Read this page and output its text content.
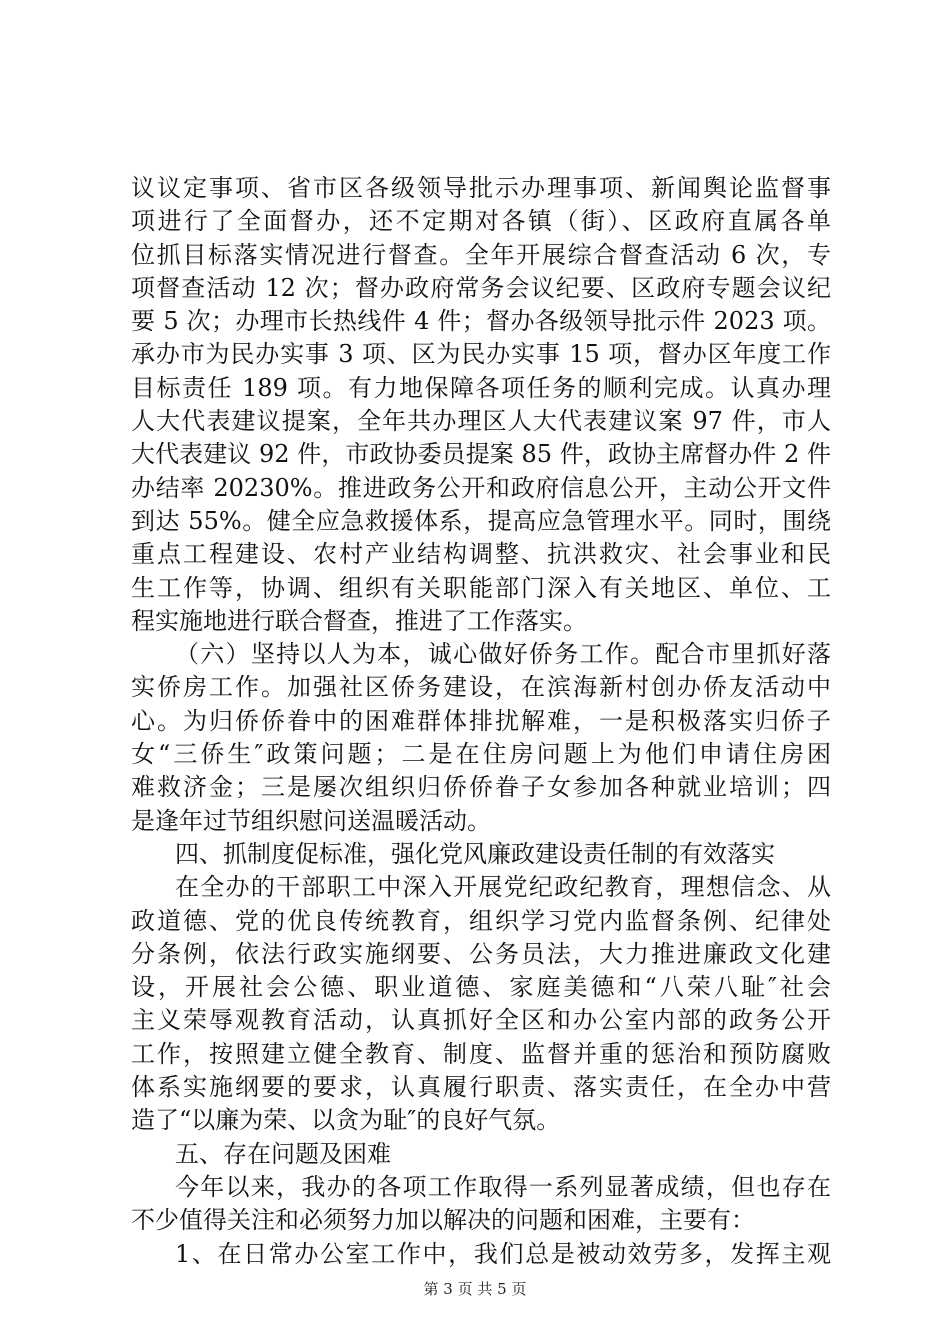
议议定事项、省市区各级领导批示办理事项、新闻舆论监督事
项进行了全面督办，还不定期对各镇（街）、区政府直属各单
位抓目标落实情况进行督查。全年开展综合督查活动 6 次，专
项督查活动 12 次；督办政府常务会议纪要、区政府专题会议纪
要 5 次；办理市长热线件 4 件；督办各级领导批示件 2023 项。
承办市为民办实事 3 项、区为民办实事 15 项，督办区年度工作
目标责任 189 项。有力地保障各项任务的顺利完成。认真办理
人大代表建议提案，全年共办理区人大代表建议案 97 件，市人
大代表建议 92 件，市政协委员提案 85 件，政协主席督办件 2 件
办结率 20230%。推进政务公开和政府信息公开，主动公开文件
到达 55%。健全应急救援体系，提高应急管理水平。同时，围绕
重点工程建设、农村产业结构调整、抗洪救灾、社会事业和民
生工作等，协调、组织有关职能部门深入有关地区、单位、工
程实施地进行联合督查，推进了工作落实。
（六）坚持以人为本，诚心做好侨务工作。配合市里抓好落
实侨房工作。加强社区侨务建设，在滨海新村创办侨友活动中
心。为归侨侨眷中的困难群体排扰解难，一是积极落实归侨子
女“三侨生″政策问题；二是在住房问题上为他们申请住房困
难救济金；三是屡次组织归侨侨眷子女参加各种就业培训；四
是逢年过节组织慰问送温暖活动。
四、抓制度促标准，强化党风廉政建设责任制的有效落实
在全办的干部职工中深入开展党纪政纪教育，理想信念、从
政道德、党的优良传统教育，组织学习党内监督条例、纪律处
分条例，依法行政实施纲要、公务员法，大力推进廉政文化建
设，开展社会公德、职业道德、家庭美德和“八荣八耻″社会
主义荣辱观教育活动，认真抓好全区和办公室内部的政务公开
工作，按照建立健全教育、制度、监督并重的惩治和预防腐败
体系实施纲要的要求，认真履行职责、落实责任，在全办中营
造了“以廉为荣、以贪为耻″的良好气氛。
五、存在问题及困难
今年以来，我办的各项工作取得一系列显著成绩，但也存在
不少值得关注和必须努力加以解决的问题和困难，主要有：
1、在日常办公室工作中，我们总是被动效劳多，发挥主观
第 3 页 共 5 页
